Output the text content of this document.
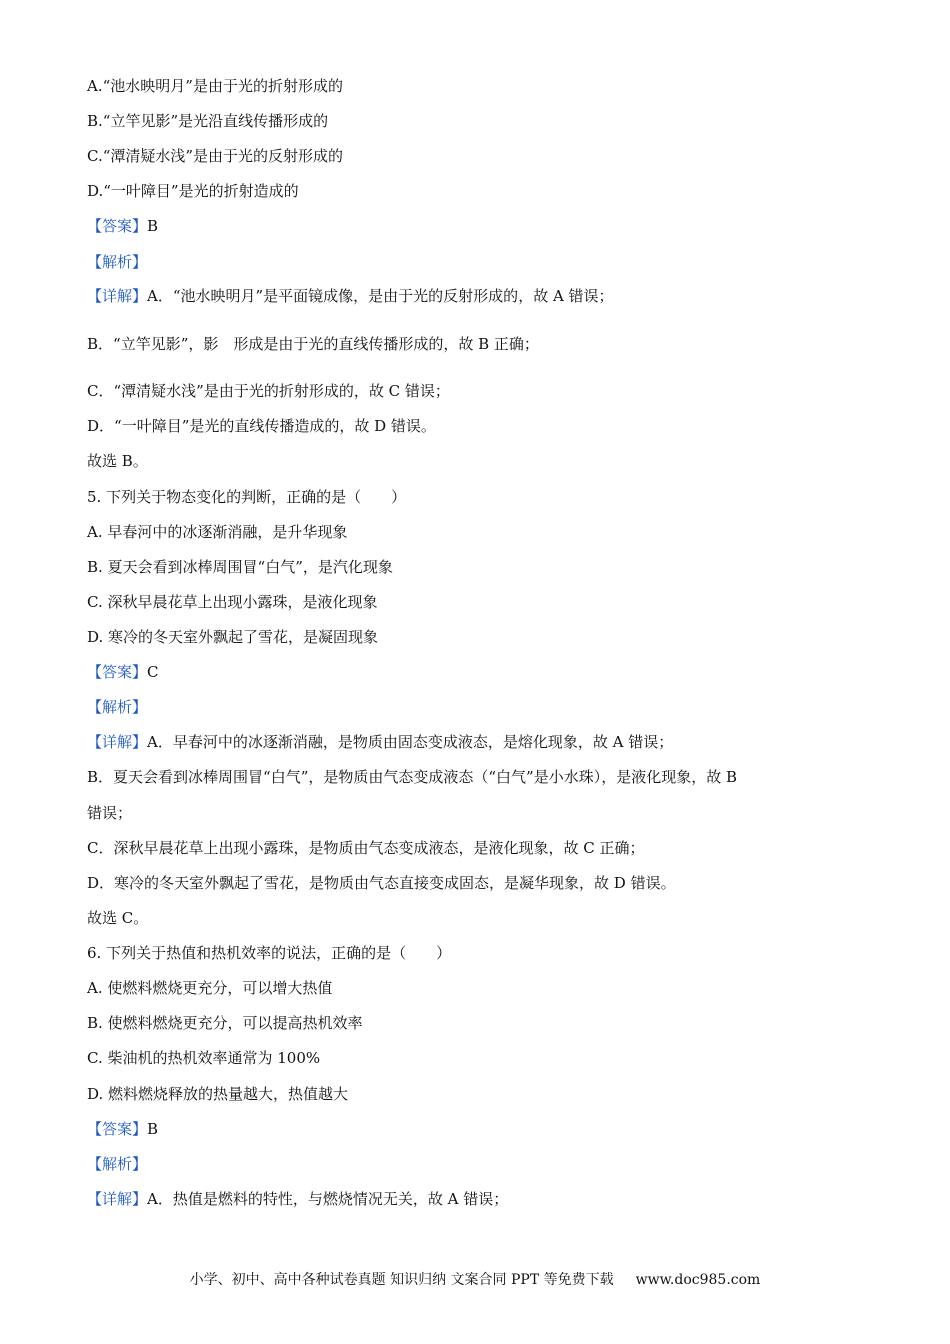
A.“池水映明月”是由于光的折射形成的
B.“立竿见影”是光沿直线传播形成的
C.“潭清疑水浅”是由于光的反射形成的
D.“一叶障目”是光的折射造成的
【答案】B
【解析】
【详解】A．“池水映明月”是平面镜成像，是由于光的反射形成的，故 A 错误；
B．“立竿见影”，影　形成是由于光的直线传播形成的，故 B 正确；
C．“潭清疑水浅”是由于光的折射形成的，故 C 错误；
D．“一叶障目”是光的直线传播造成的，故 D 错误。
故选 B。
5. 下列关于物态变化的判断，正确的是（　　）
A. 早春河中的冰逐渐消融，是升华现象
B. 夏天会看到冰棒周围冒“白气”，是汽化现象
C. 深秋早晨花草上出现小露珠，是液化现象
D. 寒冷的冬天室外飘起了雪花，是凝固现象
【答案】C
【解析】
【详解】A．早春河中的冰逐渐消融，是物质由固态变成液态，是熔化现象，故 A 错误；
B．夏天会看到冰棒周围冒“白气”，是物质由气态变成液态（“白气”是小水珠），是液化现象，故 B
错误；
C．深秋早晨花草上出现小露珠，是物质由气态变成液态，是液化现象，故 C 正确；
D．寒冷的冬天室外飘起了雪花，是物质由气态直接变成固态，是凝华现象，故 D 错误。
故选 C。
6. 下列关于热值和热机效率的说法，正确的是（　　）
A. 使燃料燃烧更充分，可以增大热值
B. 使燃料燃烧更充分，可以提高热机效率
C. 柴油机的热机效率通常为 100%
D. 燃料燃烧释放的热量越大，热值越大
【答案】B
【解析】
【详解】A．热值是燃料的特性，与燃烧情况无关，故 A 错误；
小学、初中、高中各种试卷真题 知识归纳 文案合同 PPT 等免费下载 www.doc985.com
